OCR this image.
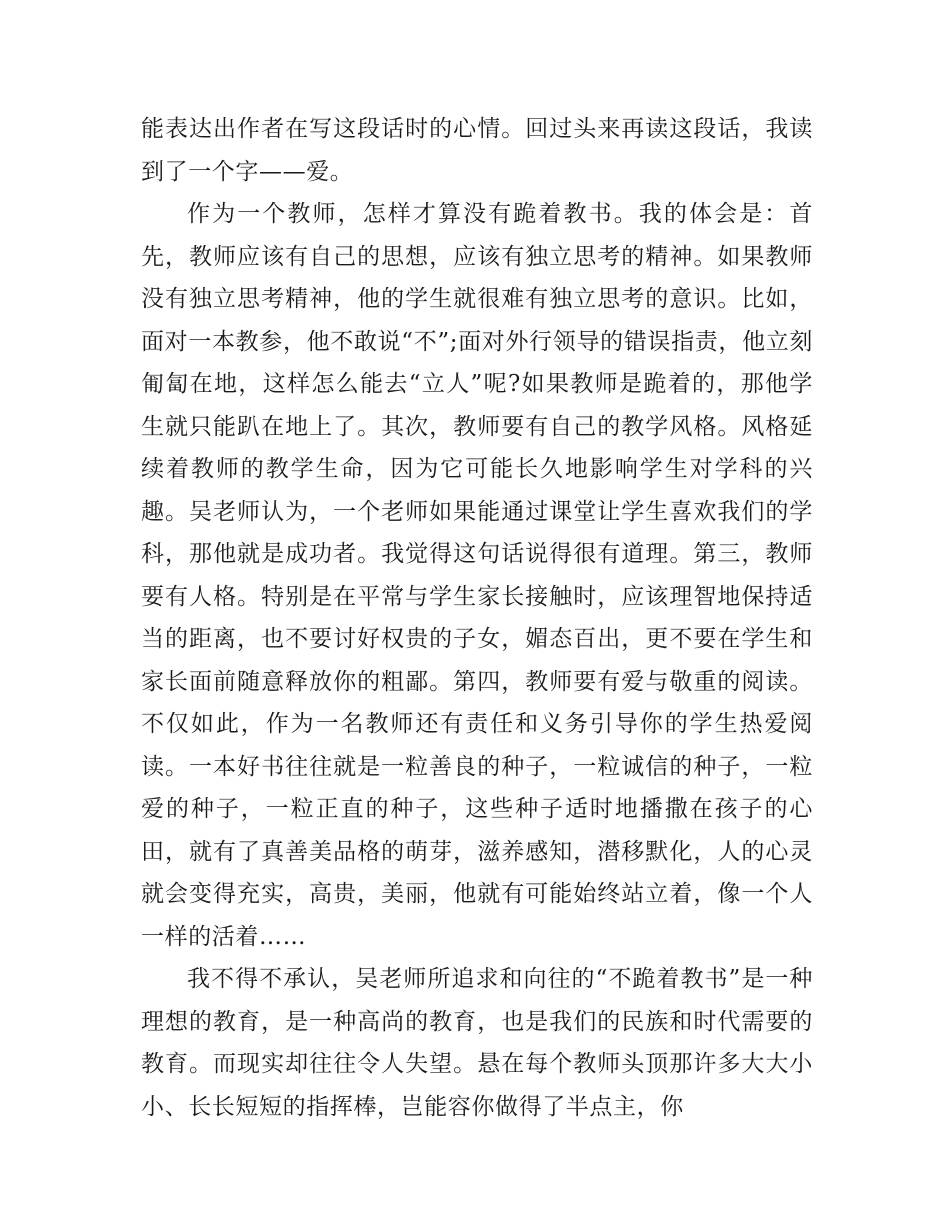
能表达出作者在写这段话时的心情。回过头来再读这段话，我读到了一个字——爱。

作为一个教师，怎样才算没有跪着教书。我的体会是：首先，教师应该有自己的思想，应该有独立思考的精神。如果教师没有独立思考精神，他的学生就很难有独立思考的意识。比如，面对一本教参，他不敢说“不”;面对外行领导的错误指责，他立刻匍匐在地，这样怎么能去“立人”呢?如果教师是跪着的，那他学生就只能趴在地上了。其次，教师要有自己的教学风格。风格延续着教师的教学生命，因为它可能长久地影响学生对学科的兴趣。吴老师认为，一个老师如果能通过课堂让学生喜欢我们的学科，那他就是成功者。我觉得这句话说得很有道理。第三，教师要有人格。特别是在平常与学生家长接触时，应该理智地保持适当的距离，也不要讨好权贵的子女，媚态百出，更不要在学生和家长面前随意释放你的粗鄙。第四，教师要有爱与敬重的阅读。不仅如此，作为一名教师还有责任和义务引导你的学生热爱阅读。一本好书往往就是一粒善良的种子，一粒诚信的种子，一粒爱的种子，一粒正直的种子，这些种子适时地播撒在孩子的心田，就有了真善美品格的萌芽，滋养感知，潜移默化，人的心灵就会变得充实，高贵，美丽，他就有可能始终站立着，像一个人一样的活着……

我不得不承认，吴老师所追求和向往的“不跪着教书”是一种理想的教育，是一种高尚的教育，也是我们的民族和时代需要的教育。而现实却往往令人失望。悬在每个教师头顶那许多大大小小、长长短短的指挥棒，岂能容你做得了半点主，你
